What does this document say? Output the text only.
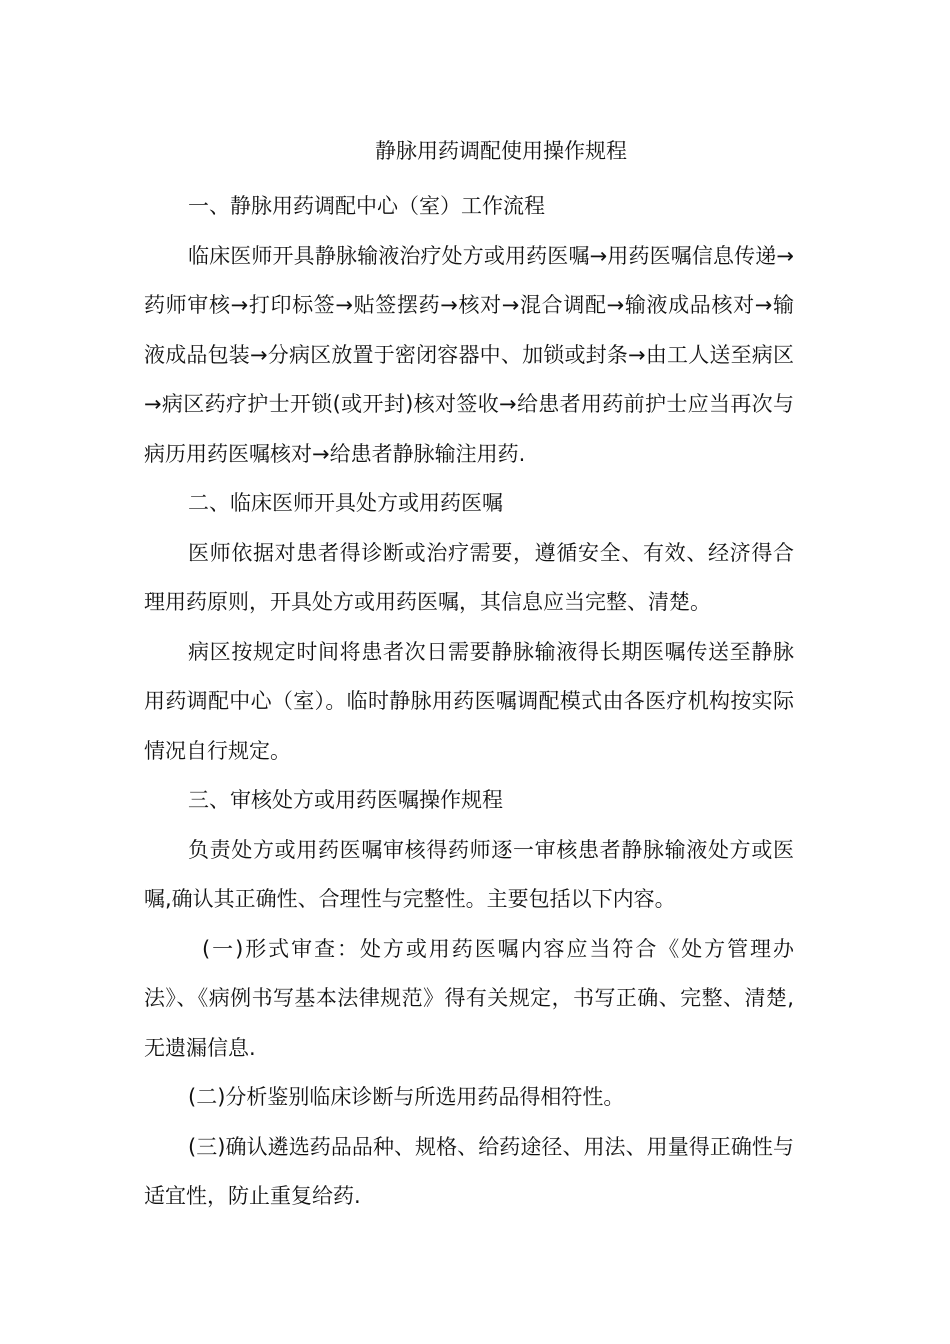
静脉用药调配使用操作规程

一、静脉用药调配中心（室）工作流程

临床医师开具静脉输液治疗处方或用药医嘱→用药医嘱信息传递→药师审核→打印标签→贴签摆药→核对→混合调配→输液成品核对→输液成品包装→分病区放置于密闭容器中、加锁或封条→由工人送至病区→病区药疗护士开锁(或开封)核对签收→给患者用药前护士应当再次与病历用药医嘱核对→给患者静脉输注用药.

二、临床医师开具处方或用药医嘱

医师依据对患者得诊断或治疗需要，遵循安全、有效、经济得合理用药原则，开具处方或用药医嘱，其信息应当完整、清楚。

病区按规定时间将患者次日需要静脉输液得长期医嘱传送至静脉用药调配中心（室）。临时静脉用药医嘱调配模式由各医疗机构按实际情况自行规定。

三、审核处方或用药医嘱操作规程

负责处方或用药医嘱审核得药师逐一审核患者静脉输液处方或医嘱,确认其正确性、合理性与完整性。主要包括以下内容。

(一)形式审查：处方或用药医嘱内容应当符合《处方管理办法》、《病例书写基本法律规范》得有关规定，书写正确、完整、清楚,无遗漏信息.

(二)分析鉴别临床诊断与所选用药品得相符性。

(三)确认遴选药品品种、规格、给药途径、用法、用量得正确性与适宜性，防止重复给药.
